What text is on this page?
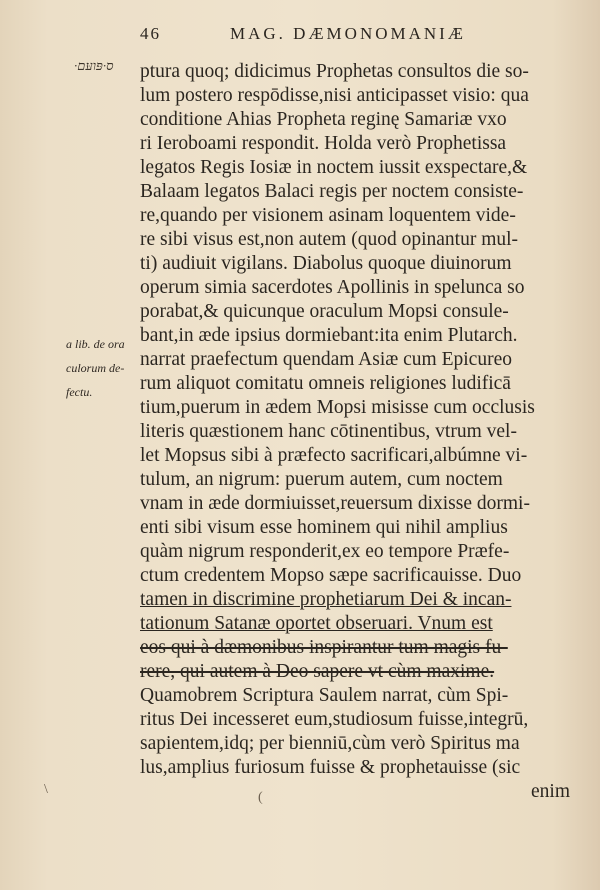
46	MAG. DÆMONOMANIÆ
·ס·פּועּם
a lib. de ora
culorum de-
fectu.
ptura quoq; didicimus Prophetas consultos die so-
lum postero respōdisse,nisi anticipasset visio: qua
conditione Ahias Propheta reginę Samariæ vxo
ri Ieroboami respondit. Holda verò Prophetissa
legatos Regis Iosiæ in noctem iussit exspectare,&
Balaam legatos Balaci regis per noctem consiste-
re,quando per visionem asinam loquentem vide-
re sibi visus est,non autem (quod opinantur mul-
ti) audiuit vigilans. Diabolus quoque diuinorum
operum simia sacerdotes Apollinis in spelunca so
porabat,& quicunque oraculum Mopsi consule-
bant,in æde ipsius dormiebant:ita enim Plutarch.
narrat praefectum quendam Asiæ cum Epicureo
rum aliquot comitatu omneis religiones ludificā
tium,puerum in ædem Mopsi misisse cum occlusis
literis quæstionem hanc cōtinentibus, vtrum vel-
let Mopsus sibi à præfecto sacrificari,albúmne vi-
tulum, an nigrum: puerum autem, cum noctem
vnam in æde dormiuisset,reuersum dixisse dormi-
enti sibi visum esse hominem qui nihil amplius
quàm nigrum responderit,ex eo tempore Præfe-
ctum credentem Mopso sæpe sacrificauisse. Duo
tamen in discrimine prophetiarum Dei & incan-
tationum Satanæ oportet obseruari. Vnum est
eos qui à dæmonibus inspirantur tum magis fu-
rere, qui autem à Deo sapere vt cùm maxime.
Quamobrem Scriptura Saulem narrat, cùm Spi-
ritus Dei incesseret eum,studiosum fuisse,integrū,
sapientem,idq; per bienniū,cùm verò Spiritus ma
lus,amplius furiosum fuisse & prophetauisse (sic
enim
\
(
